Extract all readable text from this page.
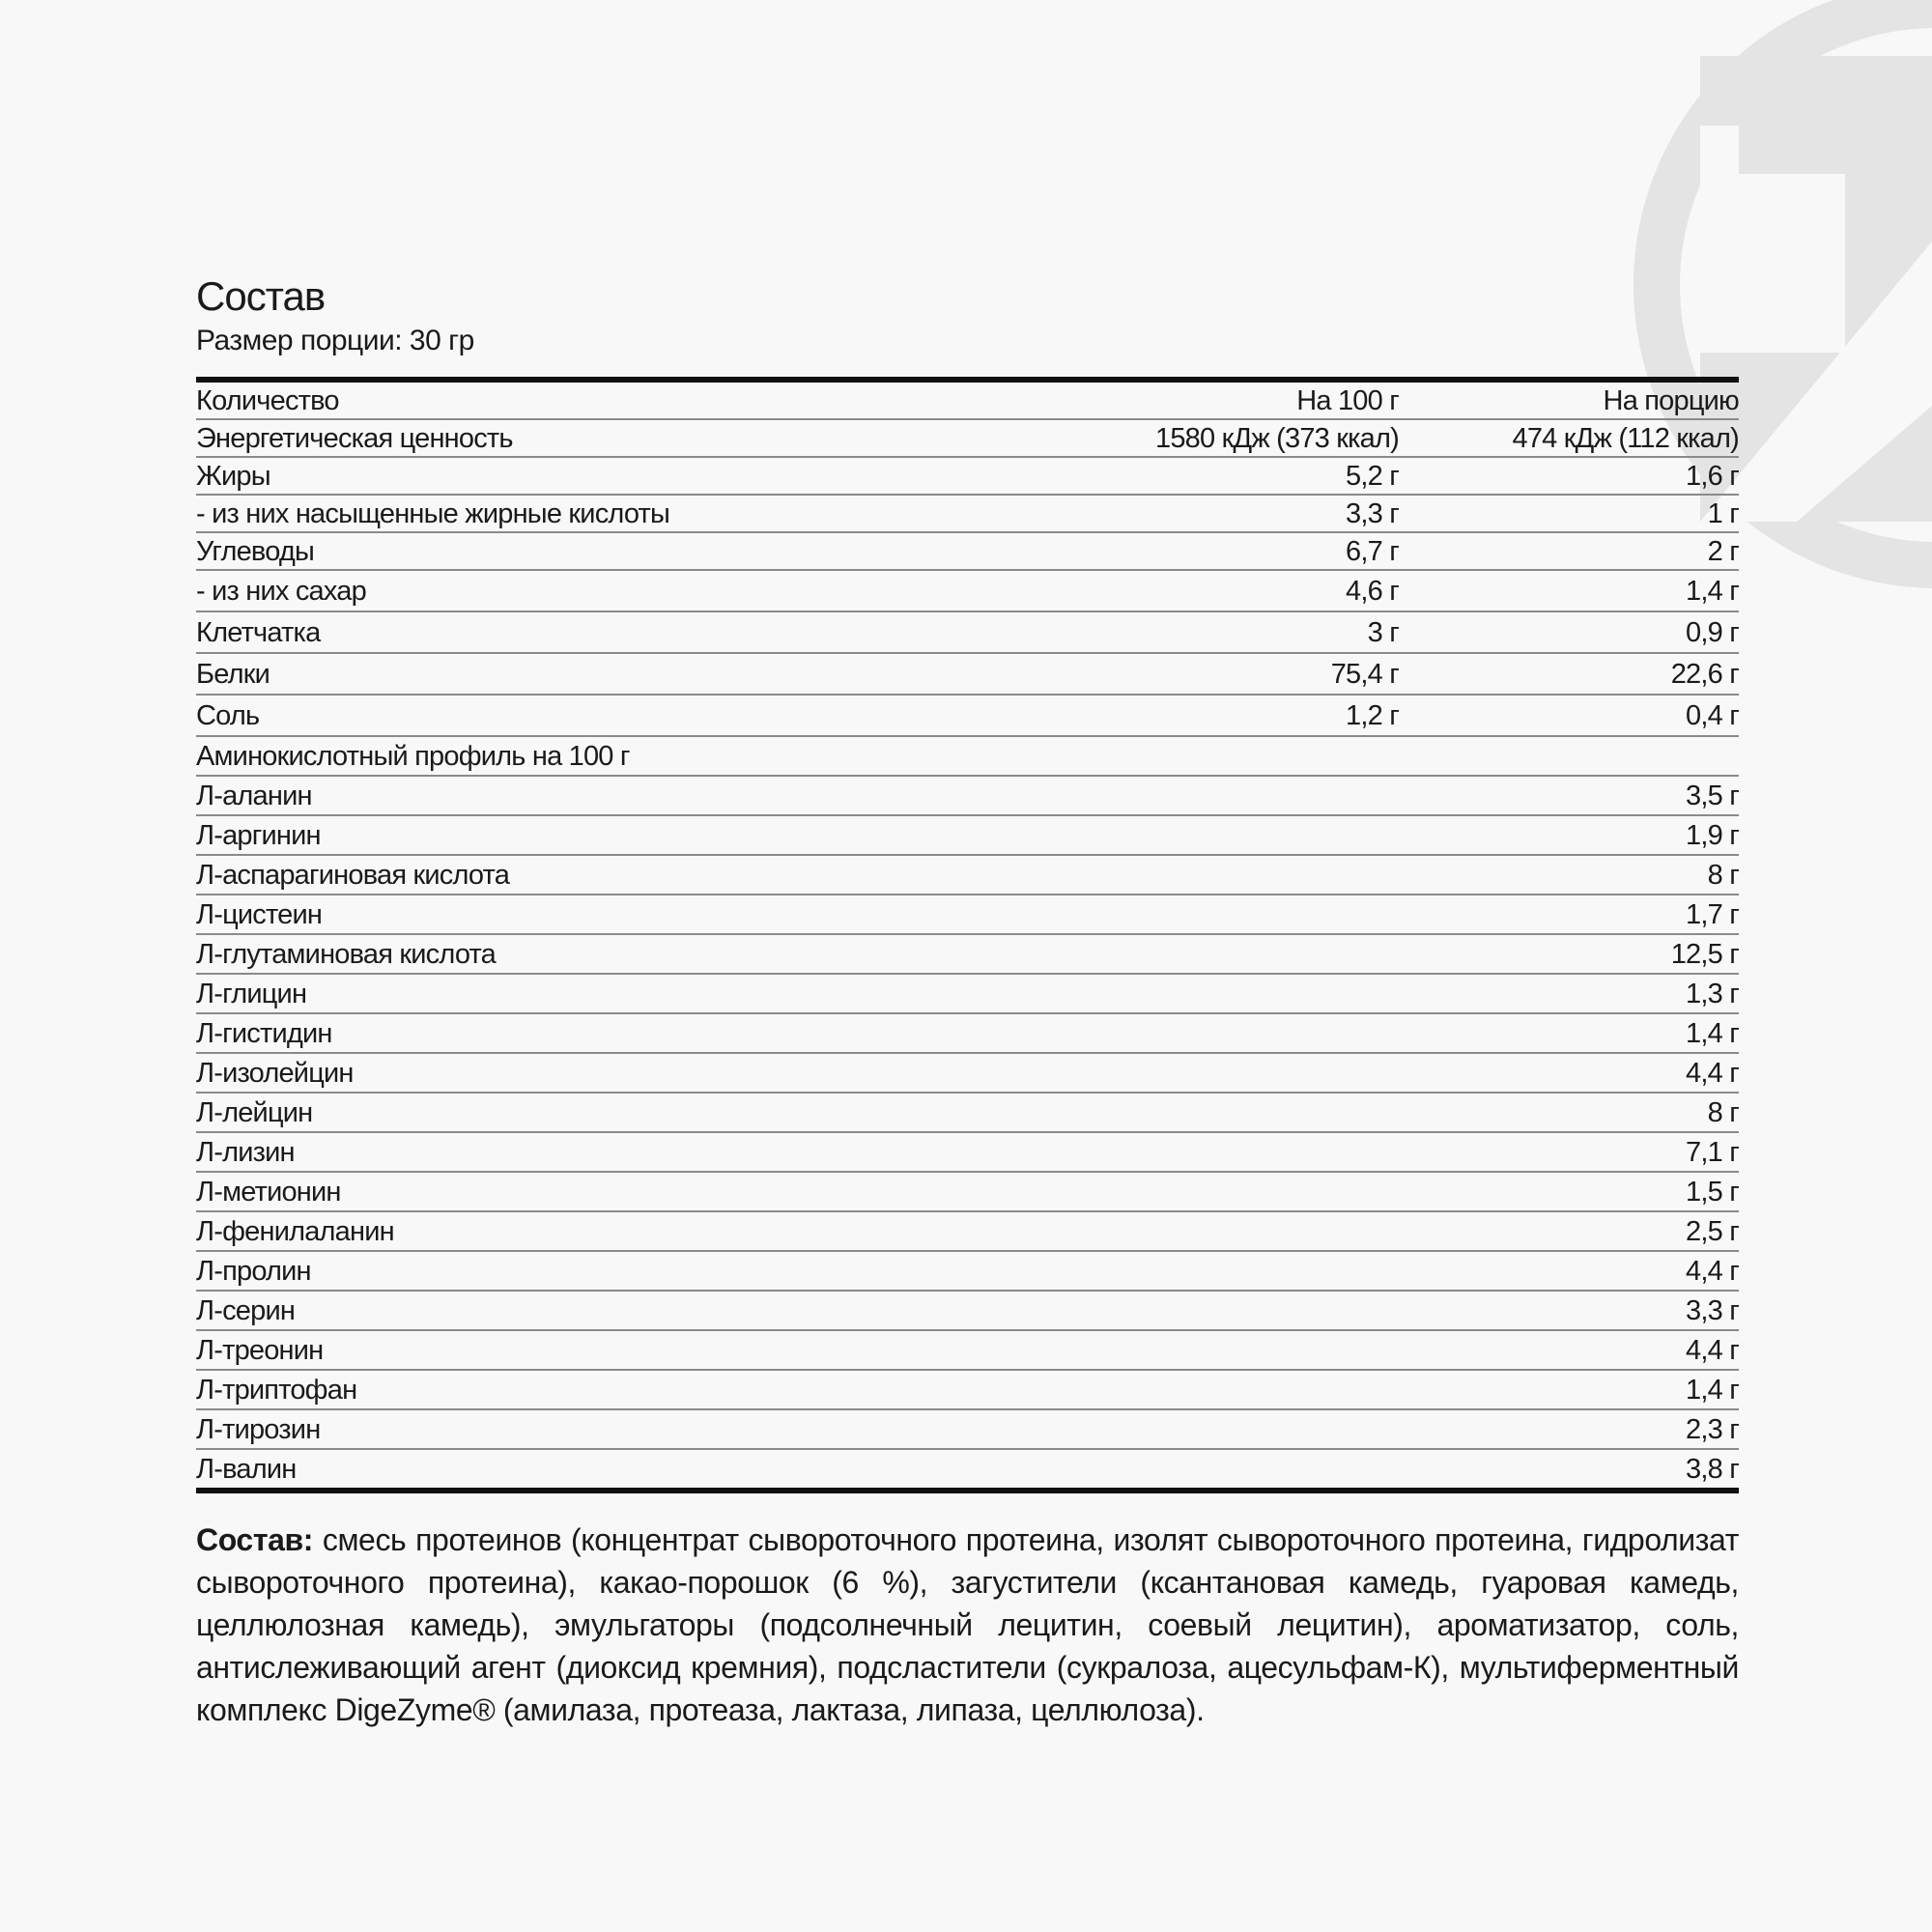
Состав
Размер порции: 30 гр
Количество	На 100 г	На порцию
Энергетическая ценность	1580 кДж (373 ккал)	474 кДж (112 ккал)
Жиры	5,2 г	1,6 г
- из них насыщенные жирные кислоты	3,3 г	1 г
Углеводы	6,7 г	2 г
- из них сахар	4,6 г	1,4 г
Клетчатка	3 г	0,9 г
Белки	75,4 г	22,6 г
Соль	1,2 г	0,4 г
Аминокислотный профиль на 100 г		
Л-аланин		3,5 г
Л-аргинин		1,9 г
Л-аспарагиновая кислота		8 г
Л-цистеин		1,7 г
Л-глутаминовая кислота		12,5 г
Л-глицин		1,3 г
Л-гистидин		1,4 г
Л-изолейцин		4,4 г
Л-лейцин		8 г
Л-лизин		7,1 г
Л-метионин		1,5 г
Л-фенилаланин		2,5 г
Л-пролин		4,4 г
Л-серин		3,3 г
Л-треонин		4,4 г
Л-триптофан		1,4 г
Л-тирозин		2,3 г
Л-валин		3,8 г
Состав: смесь протеинов (концентрат сывороточного протеина, изолят сывороточного протеина, гидролизат сывороточного протеина), какао-порошок (6 %), загустители (ксантановая камедь, гуаровая камедь, целлюлозная камедь), эмульгаторы (подсолнечный лецитин, соевый лецитин), ароматизатор, соль, антислеживающий агент (диоксид кремния), подсластители (сукралоза, ацесульфам-К), мультиферментный комплекс DigeZyme® (амилаза, протеаза, лактаза, липаза, целлюлоза).
